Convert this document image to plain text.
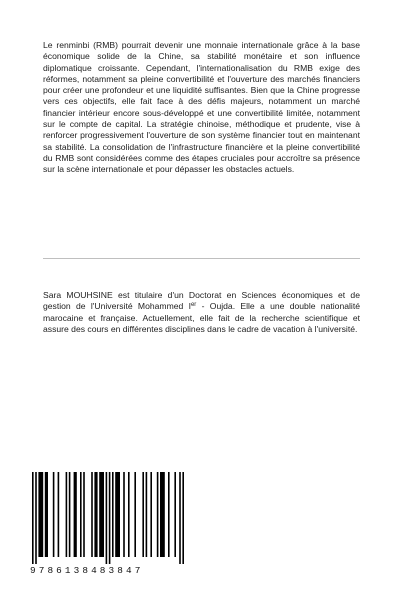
Le renminbi (RMB) pourrait devenir une monnaie internationale grâce à la base économique solide de la Chine, sa stabilité monétaire et son influence diplomatique croissante. Cependant, l'internationalisation du RMB exige des réformes, notamment sa pleine convertibilité et l'ouverture des marchés financiers pour créer une profondeur et une liquidité suffisantes. Bien que la Chine progresse vers ces objectifs, elle fait face à des défis majeurs, notamment un marché financier intérieur encore sous-développé et une convertibilité limitée, notamment sur le compte de capital. La stratégie chinoise, méthodique et prudente, vise à renforcer progressivement l'ouverture de son système financier tout en maintenant sa stabilité. La consolidation de l'infrastructure financière et la pleine convertibilité du RMB sont considérées comme des étapes cruciales pour accroître sa présence sur la scène internationale et pour dépasser les obstacles actuels.

Sara MOUHSINE est titulaire d'un Doctorat en Sciences économiques et de gestion de l'Université Mohammed Ier - Oujda. Elle a une double nationalité marocaine et française. Actuellement, elle fait de la recherche scientifique et assure des cours en différentes disciplines dans le cadre de vacation à l'université.

9786138483847
